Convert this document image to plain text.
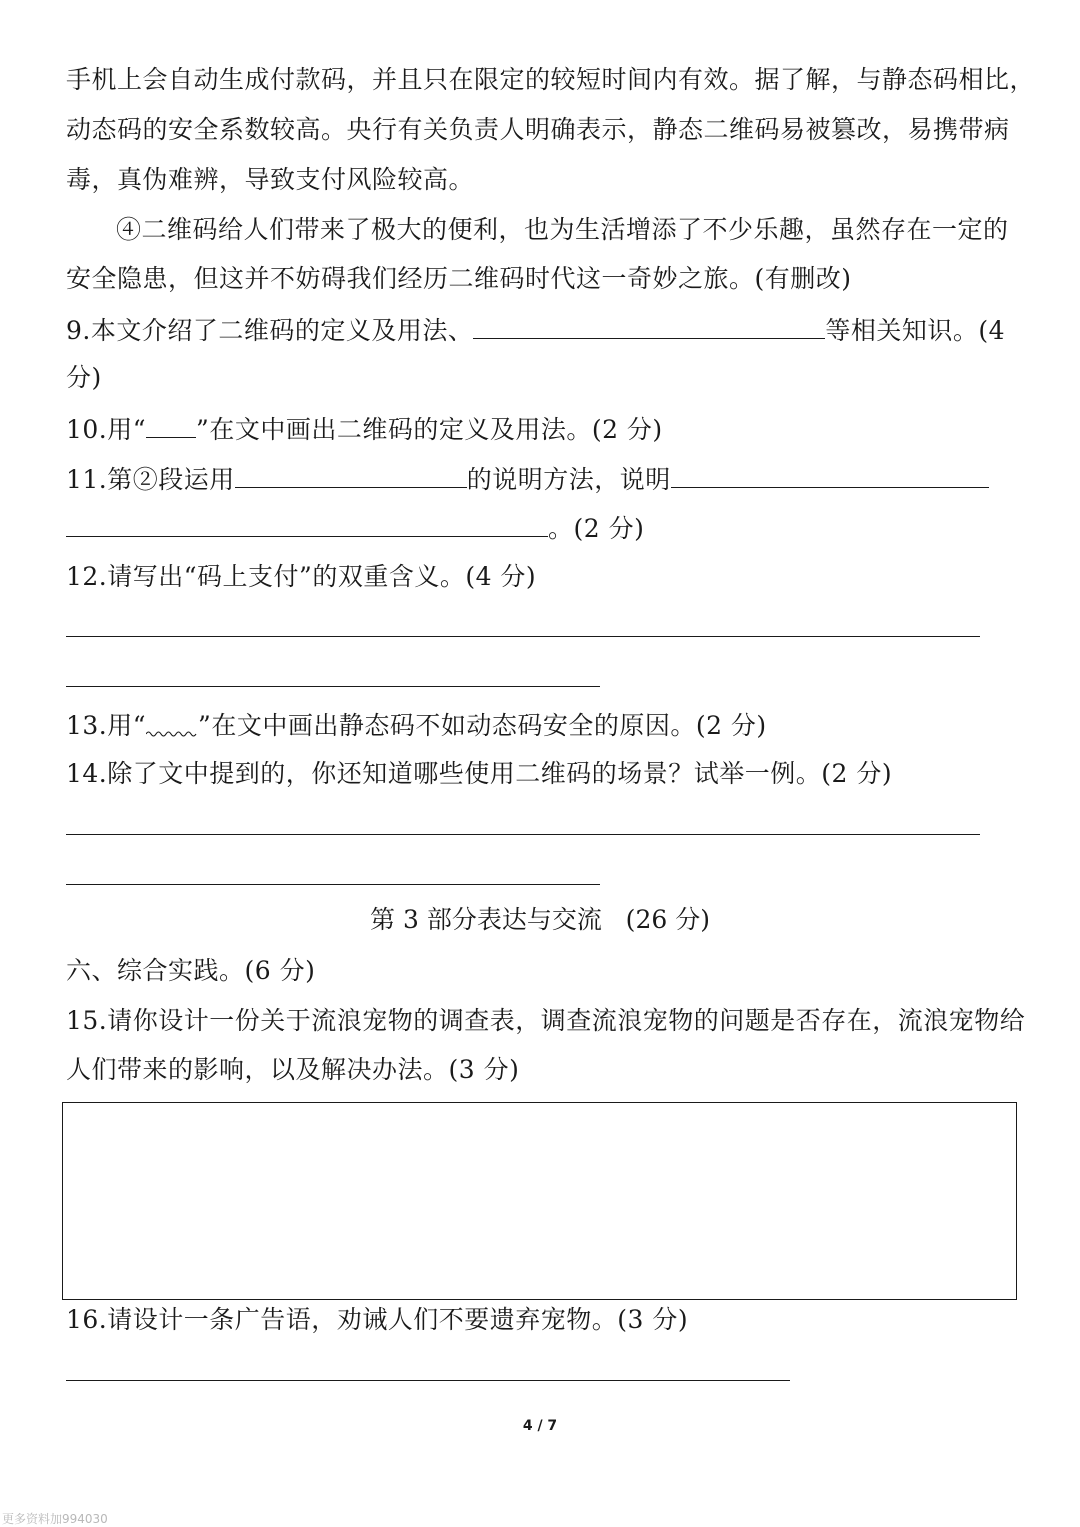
手机上会自动生成付款码，并且只在限定的较短时间内有效。据了解，与静态码相比，
动态码的安全系数较高。央行有关负责人明确表示，静态二维码易被篡改，易携带病
毒，真伪难辨，导致支付风险较高。
④二维码给人们带来了极大的便利，也为生活增添了不少乐趣，虽然存在一定的
安全隐患，但这并不妨碍我们经历二维码时代这一奇妙之旅。(有删改)
9.本文介绍了二维码的定义及用法、	等相关知识。(4
分)
10.用“ ”在文中画出二维码的定义及用法。(2 分)
11.第②段运用	的说明方法，说明
。(2 分)
12.请写出“码上支付”的双重含义。(4 分)
13.用“ ”在文中画出静态码不如动态码安全的原因。(2 分)
14.除了文中提到的，你还知道哪些使用二维码的场景？试举一例。(2 分)
第 3 部分表达与交流   (26 分)
六、综合实践。(6 分)
15.请你设计一份关于流浪宠物的调查表，调查流浪宠物的问题是否存在，流浪宠物给
人们带来的影响，以及解决办法。(3 分)
16.请设计一条广告语，劝诫人们不要遗弃宠物。(3 分)
4 / 7
更多资料加994030
